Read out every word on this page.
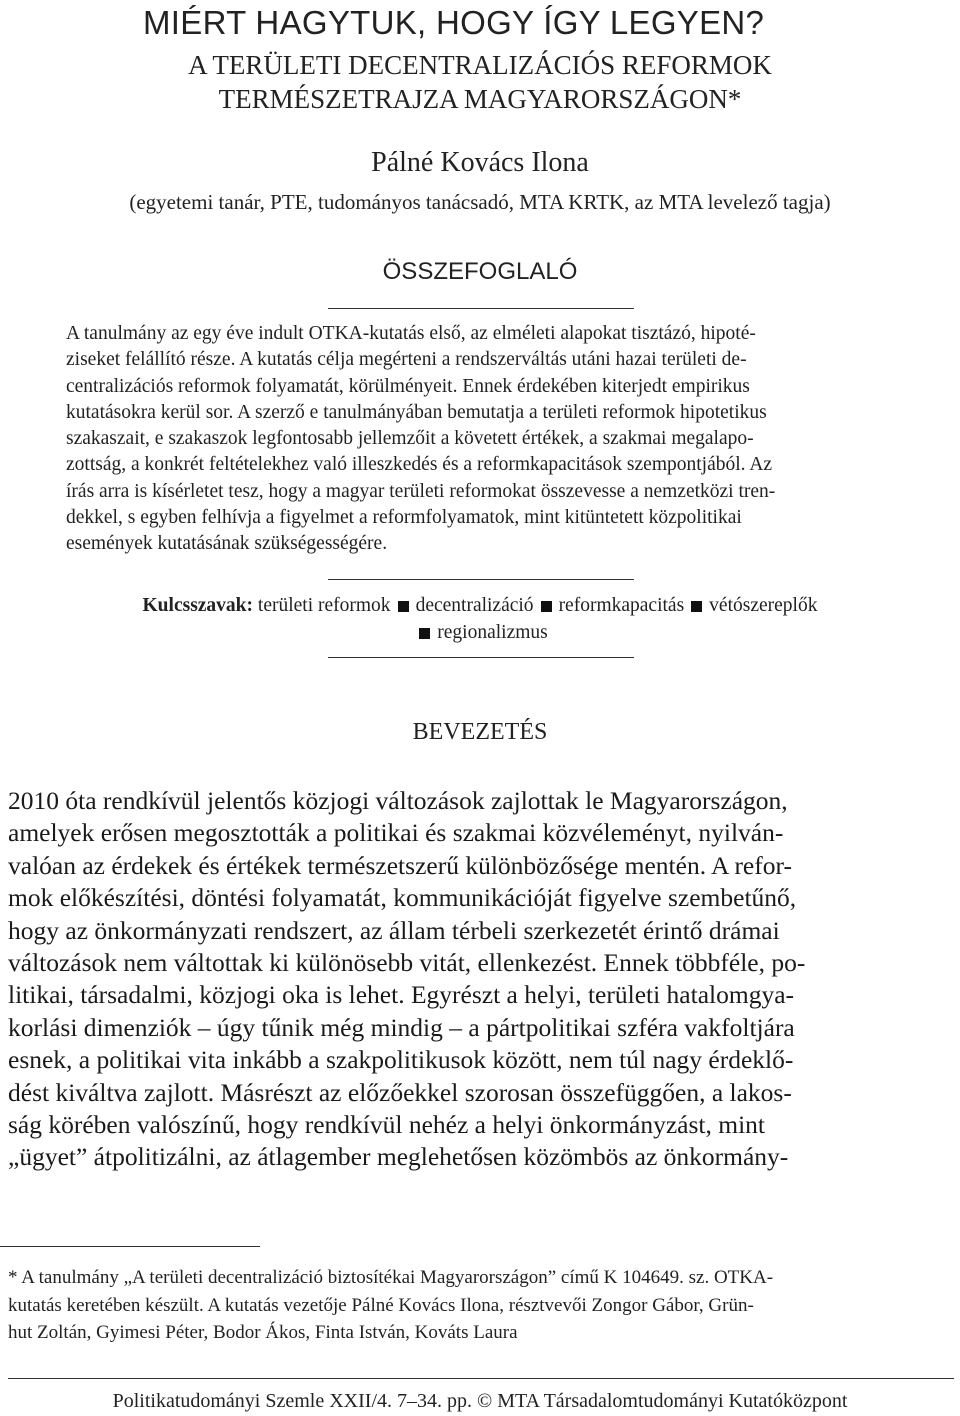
MIÉRT HAGYTUK, HOGY ÍGY LEGYEN?
A TERÜLETI DECENTRALIZÁCIÓS REFORMOK
TERMÉSZETRAJZA MAGYARORSZÁGON*
Pálné Kovács Ilona
(egyetemi tanár, PTE, tudományos tanácsadó, MTA KRTK, az MTA levelező tagja)
ÖSSZEFOGLALÓ
A tanulmány az egy éve indult OTKA-kutatás első, az elméleti alapokat tisztázó, hipoté-
ziseket felállító része. A kutatás célja megérteni a rendszerváltás utáni hazai területi de-
centralizációs reformok folyamatát, körülményeit. Ennek érdekében kiterjedt empirikus
kutatásokra kerül sor. A szerző e tanulmányában bemutatja a területi reformok hipotetikus
szakaszait, e szakaszok legfontosabb jellemzőit a követett értékek, a szakmai megalapo-
zottság, a konkrét feltételekhez való illeszkedés és a reformkapacitások szempontjából. Az
írás arra is kísérletet tesz, hogy a magyar területi reformokat összevesse a nemzetközi tren-
dekkel, s egyben felhívja a figyelmet a reformfolyamatok, mint kitüntetett közpolitikai
események kutatásának szükségességére.
Kulcsszavak: területi reformok decentralizáció reformkapacitás vétószereplők
regionalizmus
BEVEZETÉS
2010 óta rendkívül jelentős közjogi változások zajlottak le Magyarországon,
amelyek erősen megosztották a politikai és szakmai közvéleményt, nyilván-
valóan az érdekek és értékek természetszerű különbözősége mentén. A refor-
mok előkészítési, döntési folyamatát, kommunikációját figyelve szembetűnő,
hogy az önkormányzati rendszert, az állam térbeli szerkezetét érintő drámai
változások nem váltottak ki különösebb vitát, ellenkezést. Ennek többféle, po-
litikai, társadalmi, közjogi oka is lehet. Egyrészt a helyi, területi hatalomgya-
korlási dimenziók – úgy tűnik még mindig – a pártpolitikai szféra vakfoltjára
esnek, a politikai vita inkább a szakpolitikusok között, nem túl nagy érdeklő-
dést kiváltva zajlott. Másrészt az előzőekkel szorosan összefüggően, a lakos-
ság körében valószínű, hogy rendkívül nehéz a helyi önkormányzást, mint
„ügyet” átpolitizálni, az átlagember meglehetősen közömbös az önkormány-
* A tanulmány „A területi decentralizáció biztosítékai Magyarországon” című K 104649. sz. OTKA-
kutatás keretében készült. A kutatás vezetője Pálné Kovács Ilona, résztvevői Zongor Gábor, Grün-
hut Zoltán, Gyimesi Péter, Bodor Ákos, Finta István, Kováts Laura
Politikatudományi Szemle XXII/4. 7–34. pp. © MTA Társadalomtudományi Kutatóközpont
